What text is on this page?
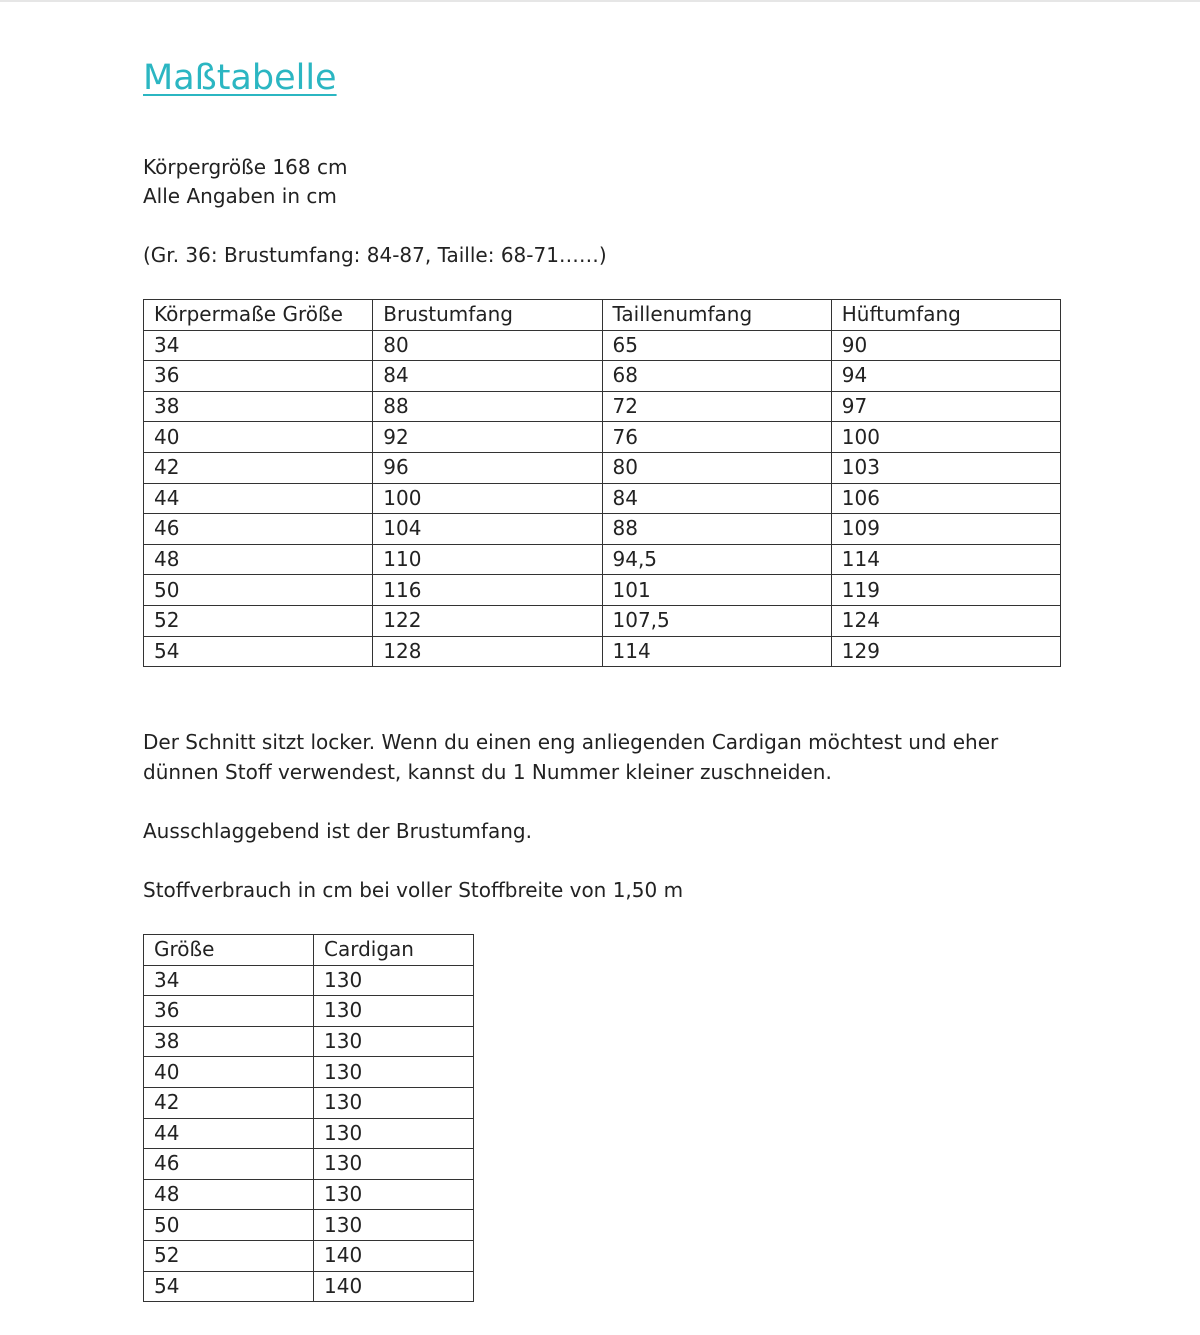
Maßtabelle

Körpergröße 168 cm

Alle Angaben in cm

(Gr. 36: Brustumfang: 84-87, Taille: 68-71……)

Körpermaße Größe	Brustumfang	Taillenumfang	Hüftumfang
34	80	65	90
36	84	68	94
38	88	72	97
40	92	76	100
42	96	80	103
44	100	84	106
46	104	88	109
48	110	94,5	114
50	116	101	119
52	122	107,5	124
54	128	114	129

Der Schnitt sitzt locker. Wenn du einen eng anliegenden Cardigan möchtest und eher

dünnen Stoff verwendest, kannst du 1 Nummer kleiner zuschneiden.

Ausschlaggebend ist der Brustumfang.

Stoffverbrauch in cm bei voller Stoffbreite von 1,50 m

Größe	Cardigan
34	130
36	130
38	130
40	130
42	130
44	130
46	130
48	130
50	130
52	140
54	140
